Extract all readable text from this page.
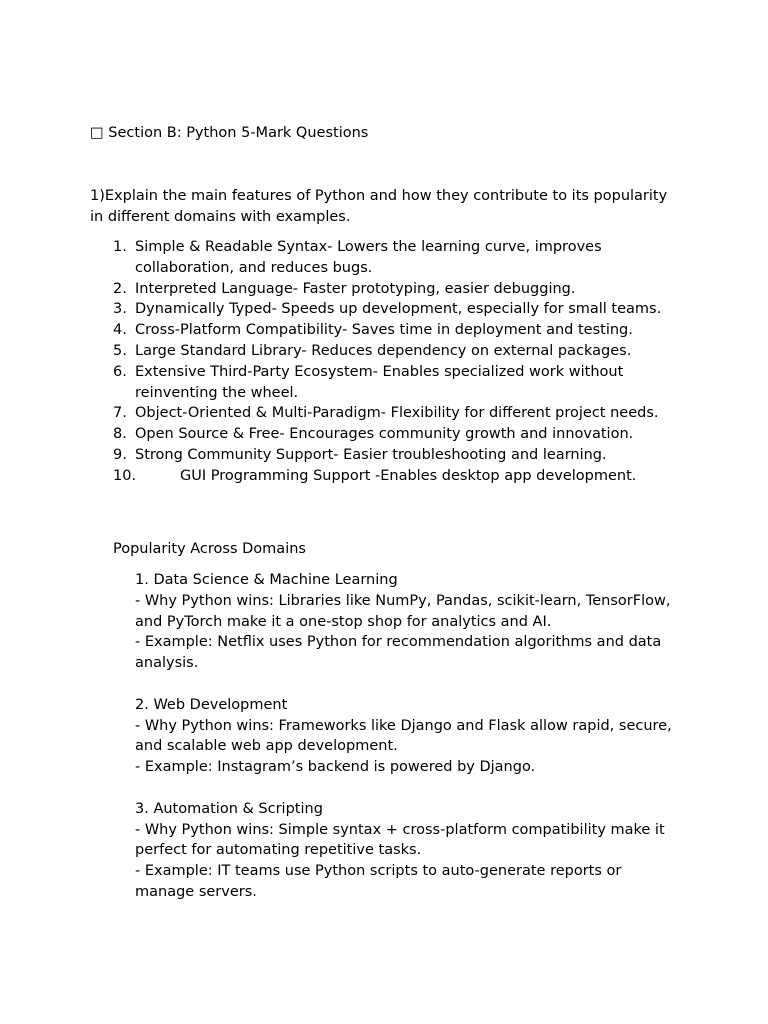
□ Section B: Python 5-Mark Questions
1)Explain the main features of Python and how they contribute to its popularity in different domains with examples.
1. Simple & Readable Syntax- Lowers the learning curve, improves collaboration, and reduces bugs.
2. Interpreted Language- Faster prototyping, easier debugging.
3. Dynamically Typed- Speeds up development, especially for small teams.
4. Cross-Platform Compatibility- Saves time in deployment and testing.
5. Large Standard Library- Reduces dependency on external packages.
6. Extensive Third-Party Ecosystem- Enables specialized work without reinventing the wheel.
7. Object-Oriented & Multi-Paradigm- Flexibility for different project needs.
8. Open Source & Free- Encourages community growth and innovation.
9. Strong Community Support- Easier troubleshooting and learning.
10.	GUI Programming Support -Enables desktop app development.
Popularity Across Domains

1. Data Science & Machine Learning

- Why Python wins: Libraries like NumPy, Pandas, scikit-learn, TensorFlow, and PyTorch make it a one-stop shop for analytics and AI.

- Example: Netflix uses Python for recommendation algorithms and data analysis.

2. Web Development

- Why Python wins: Frameworks like Django and Flask allow rapid, secure, and scalable web app development.

- Example: Instagram’s backend is powered by Django.

3. Automation & Scripting

- Why Python wins: Simple syntax + cross-platform compatibility make it perfect for automating repetitive tasks.

- Example: IT teams use Python scripts to auto-generate reports or manage servers.
